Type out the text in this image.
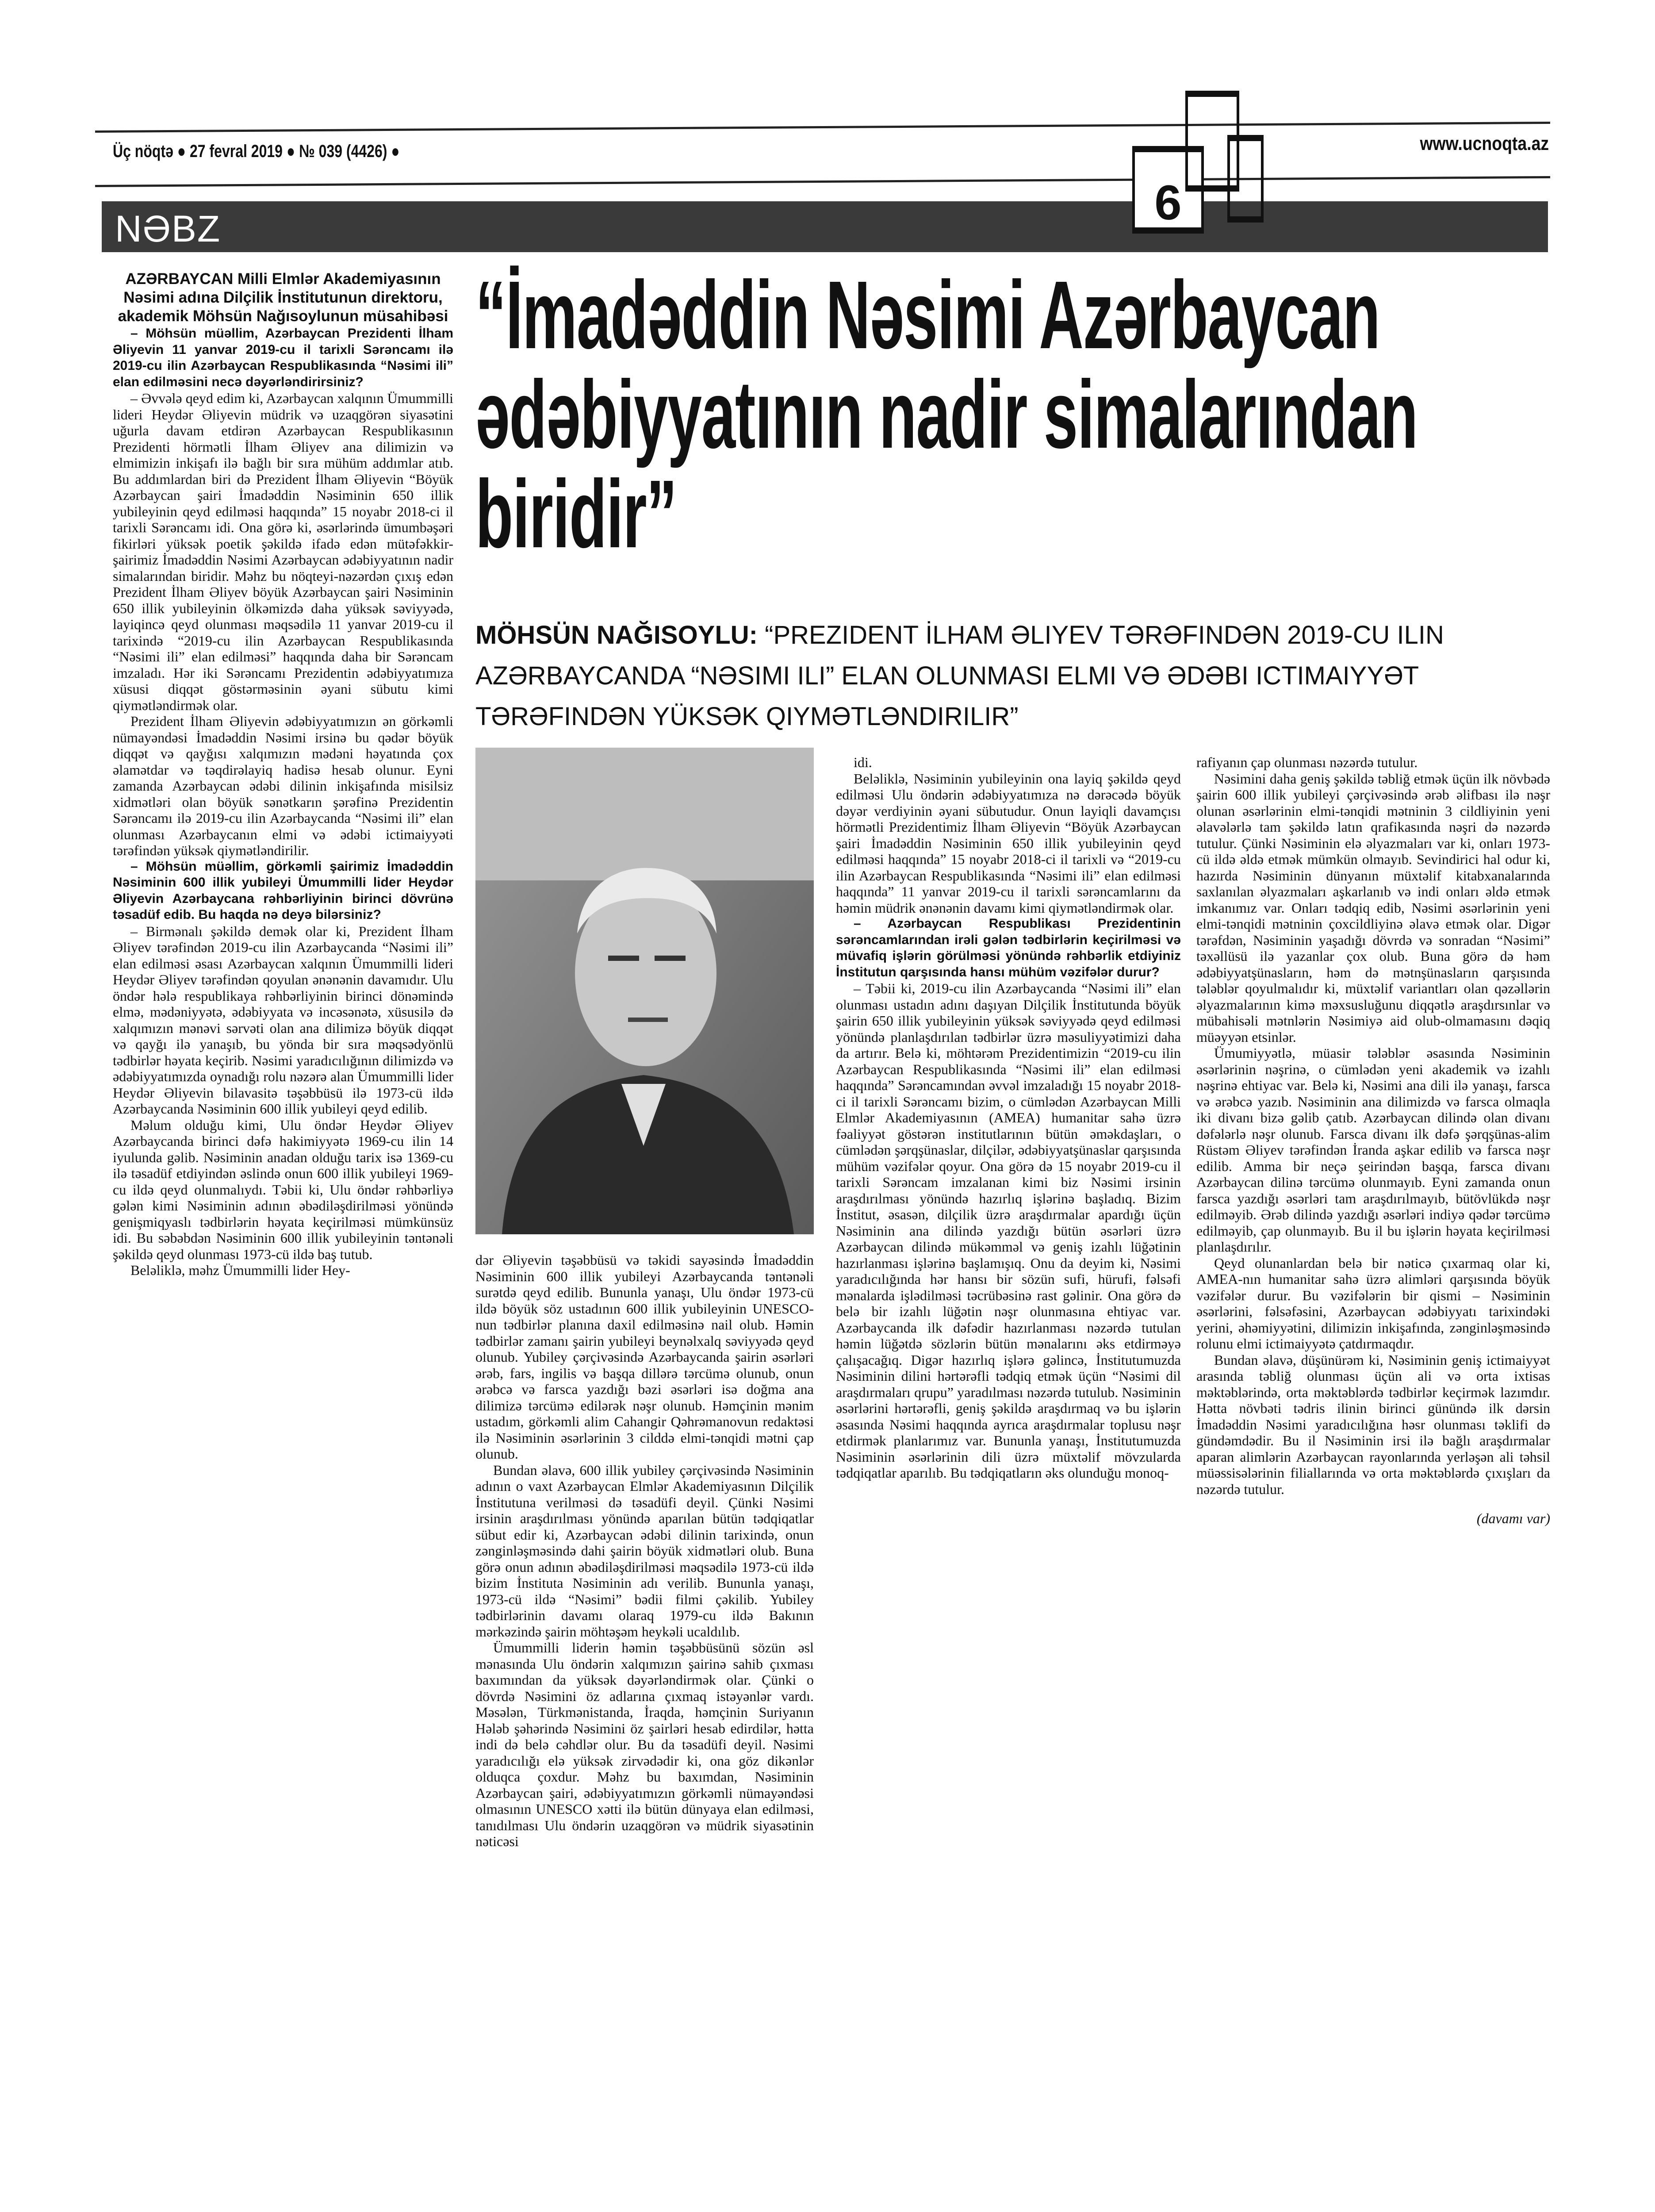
Üç nöqtə ● 27 fevral 2019 ● № 039 (4426) ●	www.ucnoqta.az
NƏBZ	6
“İmadəddin Nəsimi Azərbaycan ədəbiyyatının nadir simalarından biridir”
MÖHSÜN NAĞISOYLU: “PREZIDENT İLHAM ƏLIYEV TƏRƏFINDƏN 2019-CU ILIN AZƏRBAYCANDA “NƏSIMI ILI” ELAN OLUNMASI ELMI VƏ ƏDƏBI ICTIMAIYYƏT TƏRƏFINDƏN YÜKSƏK QIYMƏTLƏNDIRILIR”

AZƏRBAYCAN Milli Elmlər Akademiyasının Nəsimi adına Dilçilik İnstitutunun direktoru, akademik Möhsün Nağısoylunun müsahibəsi

– Möhsün müəllim, Azərbaycan Prezidenti İlham Əliyevin 11 yanvar 2019-cu il tarixli Sərəncamı ilə 2019-cu ilin Azərbaycan Respublikasında “Nəsimi ili” elan edilməsini necə dəyərləndirirsiniz?

– Əvvələ qeyd edim ki, Azərbaycan xalqının Ümummilli lideri Heydər Əliyevin müdrik və uzaqgörən siyasətini uğurla davam etdirən Azərbaycan Respublikasının Prezidenti hörmətli İlham Əliyev ana dilimizin və elmimizin inkişafı ilə bağlı bir sıra mühüm addımlar atıb. Bu addımlardan biri də Prezident İlham Əliyevin “Böyük Azərbaycan şairi İmadəddin Nəsiminin 650 illik yubileyinin qeyd edilməsi haqqında” 15 noyabr 2018-ci il tarixli Sərəncamı idi. Ona görə ki, əsərlərində ümumbəşəri fikirləri yüksək poetik şəkildə ifadə edən mütəfəkkir-şairimiz İmadəddin Nəsimi Azərbaycan ədəbiyyatının nadir simalarından biridir. Məhz bu nöqteyi-nəzərdən çıxış edən Prezident İlham Əliyev böyük Azərbaycan şairi Nəsiminin 650 illik yubileyinin ölkəmizdə daha yüksək səviyyədə, layiqincə qeyd olunması məqsədilə 11 yanvar 2019-cu il tarixində “2019-cu ilin Azərbaycan Respublikasında “Nəsimi ili” elan edilməsi” haqqında daha bir Sərəncam imzaladı. Hər iki Sərəncamı Prezidentin ədəbiyyatımıza xüsusi diqqət göstərməsinin əyani sübutu kimi qiymətləndirmək olar.

Prezident İlham Əliyevin ədəbiyyatımızın ən görkəmli nümayəndəsi İmadəddin Nəsimi irsinə bu qədər böyük diqqət və qayğısı xalqımızın mədəni həyatında çox əlamətdar və təqdirəlayiq hadisə hesab olunur. Eyni zamanda Azərbaycan ədəbi dilinin inkişafında misilsiz xidmətləri olan böyük sənətkarın şərəfinə Prezidentin Sərəncamı ilə 2019-cu ilin Azərbaycanda “Nəsimi ili” elan olunması Azərbaycanın elmi və ədəbi ictimaiyyəti tərəfindən yüksək qiymətləndirilir.

– Möhsün müəllim, görkəmli şairimiz İmadəddin Nəsiminin 600 illik yubileyi Ümummilli lider Heydər Əliyevin Azərbaycana rəhbərliyinin birinci dövrünə təsadüf edib. Bu haqda nə deyə bilərsiniz?

– Birmənalı şəkildə demək olar ki, Prezident İlham Əliyev tərəfindən 2019-cu ilin Azərbaycanda “Nəsimi ili” elan edilməsi əsası Azərbaycan xalqının Ümummilli lideri Heydər Əliyev tərəfindən qoyulan ənənənin davamıdır. Ulu öndər hələ respublikaya rəhbərliyinin birinci dönəmində elmə, mədəniyyətə, ədəbiyyata və incəsənətə, xüsusilə də xalqımızın mənəvi sərvəti olan ana dilimizə böyük diqqət və qayğı ilə yanaşıb, bu yönda bir sıra məqsədyönlü tədbirlər həyata keçirib. Nəsimi yaradıcılığının dilimizdə və ədəbiyyatımızda oynadığı rolu nəzərə alan Ümummilli lider Heydər Əliyevin bilavasitə təşəbbüsü ilə 1973-cü ildə Azərbaycanda Nəsiminin 600 illik yubileyi qeyd edilib.

Məlum olduğu kimi, Ulu öndər Heydər Əliyev Azərbaycanda birinci dəfə hakimiyyətə 1969-cu ilin 14 iyulunda gəlib. Nəsiminin anadan olduğu tarix isə 1369-cu ilə təsadüf etdiyindən əslində onun 600 illik yubileyi 1969-cu ildə qeyd olunmalıydı. Təbii ki, Ulu öndər rəhbərliyə gələn kimi Nəsiminin adının əbədiləşdirilməsi yönündə genişmiqyaslı tədbirlərin həyata keçirilməsi mümkünsüz idi. Bu səbəbdən Nəsiminin 600 illik yubileyinin təntənəli şəkildə qeyd olunması 1973-cü ildə baş tutub.

Beləliklə, məhz Ümummilli lider Hey-

dər Əliyevin təşəbbüsü və təkidi sayəsində İmadəddin Nəsiminin 600 illik yubileyi Azərbaycanda təntənəli surətdə qeyd edilib. Bununla yanaşı, Ulu öndər 1973-cü ildə böyük söz ustadının 600 illik yubileyinin UNESCO-nun tədbirlər planına daxil edilməsinə nail olub. Həmin tədbirlər zamanı şairin yubileyi beynəlxalq səviyyədə qeyd olunub. Yubiley çərçivəsində Azərbaycanda şairin əsərləri ərəb, fars, ingilis və başqa dillərə tərcümə olunub, onun ərəbcə və farsca yazdığı bəzi əsərləri isə doğma ana dilimizə tərcümə edilərək nəşr olunub. Həmçinin mənim ustadım, görkəmli alim Cahangir Qəhrəmanovun redaktəsi ilə Nəsiminin əsərlərinin 3 cilddə elmi-tənqidi mətni çap olunub.

Bundan əlavə, 600 illik yubiley çərçivəsində Nəsiminin adının o vaxt Azərbaycan Elmlər Akademiyasının Dilçilik İnstitutuna verilməsi də təsadüfi deyil. Çünki Nəsimi irsinin araşdırılması yönündə aparılan bütün tədqiqatlar sübut edir ki, Azərbaycan ədəbi dilinin tarixində, onun zənginləşməsində dahi şairin böyük xidmətləri olub. Buna görə onun adının əbədiləşdirilməsi məqsədilə 1973-cü ildə bizim İnstituta Nəsiminin adı verilib. Bununla yanaşı, 1973-cü ildə “Nəsimi” bədii filmi çəkilib. Yubiley tədbirlərinin davamı olaraq 1979-cu ildə Bakının mərkəzində şairin möhtəşəm heykəli ucaldılıb.

Ümummilli liderin həmin təşəbbüsünü sözün əsl mənasında Ulu öndərin xalqımızın şairinə sahib çıxması baxımından da yüksək dəyərləndirmək olar. Çünki o dövrdə Nəsimini öz adlarına çıxmaq istəyənlər vardı. Məsələn, Türkmənistanda, İraqda, həmçinin Suriyanın Hələb şəhərində Nəsimini öz şairləri hesab edirdilər, hətta indi də belə cəhdlər olur. Bu da təsadüfi deyil. Nəsimi yaradıcılığı elə yüksək zirvədədir ki, ona göz dikənlər olduqca çoxdur. Məhz bu baxımdan, Nəsiminin Azərbaycan şairi, ədəbiyyatımızın görkəmli nümayəndəsi olmasının UNESCO xətti ilə bütün dünyaya elan edilməsi, tanıdılması Ulu öndərin uzaqgörən və müdrik siyasətinin nəticəsi

idi.

Beləliklə, Nəsiminin yubileyinin ona layiq şəkildə qeyd edilməsi Ulu öndərin ədəbiyyatımıza nə dərəcədə böyük dəyər verdiyinin əyani sübutudur. Onun layiqli davamçısı hörmətli Prezidentimiz İlham Əliyevin “Böyük Azərbaycan şairi İmadəddin Nəsiminin 650 illik yubileyinin qeyd edilməsi haqqında” 15 noyabr 2018-ci il tarixli və “2019-cu ilin Azərbaycan Respublikasında “Nəsimi ili” elan edilməsi haqqında” 11 yanvar 2019-cu il tarixli sərəncamlarını da həmin müdrik ənənənin davamı kimi qiymətləndirmək olar.

– Azərbaycan Respublikası Prezidentinin sərəncamlarından irəli gələn tədbirlərin keçirilməsi və müvafiq işlərin görülməsi yönündə rəhbərlik etdiyiniz İnstitutun qarşısında hansı mühüm vəzifələr durur?

– Təbii ki, 2019-cu ilin Azərbaycanda “Nəsimi ili” elan olunması ustadın adını daşıyan Dilçilik İnstitutunda böyük şairin 650 illik yubileyinin yüksək səviyyədə qeyd edilməsi yönündə planlaşdırılan tədbirlər üzrə məsuliyyətimizi daha da artırır. Belə ki, möhtərəm Prezidentimizin “2019-cu ilin Azərbaycan Respublikasında “Nəsimi ili” elan edilməsi haqqında” Sərəncamından əvvəl imzaladığı 15 noyabr 2018-ci il tarixli Sərəncamı bizim, o cümlədən Azərbaycan Milli Elmlər Akademiyasının (AMEA) humanitar sahə üzrə fəaliyyət göstərən institutlarının bütün əməkdaşları, o cümlədən şərqşünaslar, dilçilər, ədəbiyyatşünaslar qarşısında mühüm vəzifələr qoyur. Ona görə də 15 noyabr 2019-cu il tarixli Sərəncam imzalanan kimi biz Nəsimi irsinin araşdırılması yönündə hazırlıq işlərinə başladıq. Bizim İnstitut, əsasən, dilçilik üzrə araşdırmalar apardığı üçün Nəsiminin ana dilində yazdığı bütün əsərləri üzrə Azərbaycan dilində mükəmməl və geniş izahlı lüğətinin hazırlanması işlərinə başlamışıq. Onu da deyim ki, Nəsimi yaradıcılığında hər hansı bir sözün sufi, hürufi, fəlsəfi mənalarda işlədilməsi təcrübəsinə rast gəlinir. Ona görə də belə bir izahlı lüğətin nəşr olunmasına ehtiyac var. Azərbaycanda ilk dəfədir hazırlanması nəzərdə tutulan həmin lüğətdə sözlərin bütün mənalarını əks etdirməyə çalışacağıq. Digər hazırlıq işlərə gəlincə, İnstitutumuzda Nəsiminin dilini hərtərəfli tədqiq etmək üçün “Nəsimi dil araşdırmaları qrupu” yaradılması nəzərdə tutulub. Nəsiminin əsərlərini hərtərəfli, geniş şəkildə araşdırmaq və bu işlərin əsasında Nəsimi haqqında ayrıca araşdırmalar toplusu nəşr etdirmək planlarımız var. Bununla yanaşı, İnstitutumuzda Nəsiminin əsərlərinin dili üzrə müxtəlif mövzularda tədqiqatlar aparılıb. Bu tədqiqatların əks olunduğu monoq-

rafiyanın çap olunması nəzərdə tutulur.

Nəsimini daha geniş şəkildə təbliğ etmək üçün ilk növbədə şairin 600 illik yubileyi çərçivəsində ərəb əlifbası ilə nəşr olunan əsərlərinin elmi-tənqidi mətninin 3 cildliyinin yeni əlavələrlə tam şəkildə latın qrafikasında nəşri də nəzərdə tutulur. Çünki Nəsiminin elə əlyazmaları var ki, onları 1973-cü ildə əldə etmək mümkün olmayıb. Sevindirici hal odur ki, hazırda Nəsiminin dünyanın müxtəlif kitabxanalarında saxlanılan əlyazmaları aşkarlanıb və indi onları əldə etmək imkanımız var. Onları tədqiq edib, Nəsimi əsərlərinin yeni elmi-tənqidi mətninin çoxcildliyinə əlavə etmək olar. Digər tərəfdən, Nəsiminin yaşadığı dövrdə və sonradan “Nəsimi” təxəllüsü ilə yazanlar çox olub. Buna görə də həm ədəbiyyatşünasların, həm də mətnşünasların qarşısında tələblər qoyulmalıdır ki, müxtəlif variantları olan qəzəllərin əlyazmalarının kimə məxsusluğunu diqqətlə araşdırsınlar və mübahisəli mətnlərin Nəsimiyə aid olub-olmamasını dəqiq müəyyən etsinlər.

Ümumiyyətlə, müasir tələblər əsasında Nəsiminin əsərlərinin nəşrinə, o cümlədən yeni akademik və izahlı nəşrinə ehtiyac var. Belə ki, Nəsimi ana dili ilə yanaşı, farsca və ərəbcə yazıb. Nəsiminin ana dilimizdə və farsca olmaqla iki divanı bizə gəlib çatıb. Azərbaycan dilində olan divanı dəfələrlə nəşr olunub. Farsca divanı ilk dəfə şərqşünas-alim Rüstəm Əliyev tərəfindən İranda aşkar edilib və farsca nəşr edilib. Amma bir neçə şeirindən başqa, farsca divanı Azərbaycan dilinə tərcümə olunmayıb. Eyni zamanda onun farsca yazdığı əsərləri tam araşdırılmayıb, bütövlükdə nəşr edilməyib. Ərəb dilində yazdığı əsərləri indiyə qədər tərcümə edilməyib, çap olunmayıb. Bu il bu işlərin həyata keçirilməsi planlaşdırılır.

Qeyd olunanlardan belə bir nəticə çıxarmaq olar ki, AMEA-nın humanitar sahə üzrə alimləri qarşısında böyük vəzifələr durur. Bu vəzifələrin bir qismi – Nəsiminin əsərlərini, fəlsəfəsini, Azərbaycan ədəbiyyatı tarixindəki yerini, əhəmiyyətini, dilimizin inkişafında, zənginləşməsində rolunu elmi ictimaiyyətə çatdırmaqdır.

Bundan əlavə, düşünürəm ki, Nəsiminin geniş ictimaiyyət arasında təbliğ olunması üçün ali və orta ixtisas məktəblərində, orta məktəblərdə tədbirlər keçirmək lazımdır. Hətta növbəti tədris ilinin birinci günündə ilk dərsin İmadəddin Nəsimi yaradıcılığına həsr olunması təklifi də gündəmdədir. Bu il Nəsiminin irsi ilə bağlı araşdırmalar aparan alimlərin Azərbaycan rayonlarında yerləşən ali təhsil müəssisələrinin filiallarında və orta məktəblərdə çıxışları da nəzərdə tutulur.

(davamı var)
